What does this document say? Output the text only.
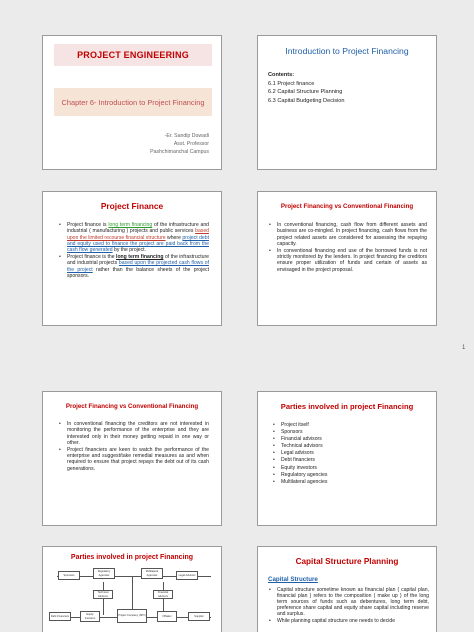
PROJECT ENGINEERING
Chapter 6- Introduction to Project Financing
-Er. Sandip Duwadi
Asst. Professor
Pashchimanchal Campus
Introduction to Project Financing
Contents:
6.1 Project finance
6.2 Capital Structure Planning
6.3 Capital Budgeting Decision
Project Finance
• Project finance is long term financing of the infrastructure and industrial ( manufacturing ) projects and public services based upon the limited recourse financial structure where project debt and equity used to finance the project are paid back from the cash flow generated by the project.
• Project finance is the long term financing of the infrastructure and industrial projects based upon the projected cash flows of the project rather than the balance sheets of the project sponsors.
Project Financing vs Conventional Financing
• In conventional financing, cash flow from different assets and business are co-mingled. In project financing, cash flows from the project related assets are considered for assessing the repaying capacity.
• In conventional financing end use of the borrowed funds is not strictly monitored by the lenders. In project financing the creditors ensure proper utilization of funds and certain of assets as envisaged in the project proposal.
1
Project Financing vs Conventional Financing
• In conventional financing the creditors are not interested in monitoring the performance of the enterprise and they are interested only in their money getting repaid in one way or other.
• Project financiers are keen to watch the performance of the enterprise and suggest/take remedial measures as and when required to ensure that project repays the debt out of its cash generations.
Parties involved in project Financing
• Project itself
• Sponsors
• Financial advisors
• Technical advisors
• Legal advisors
• Debt financiers
• Equity investors
• Regulatory agencies
• Multilateral agencies
Parties involved in project Financing
Sponsors
Regulatory Agencies
Multilateral Agencies	Legal Advisors
Technical Advisors
Financial Advisors
Debt Financiers
Equity Investors
Project Company (SPV)	Offtaker	Supplier
Capital Structure Planning
Capital Structure
• Capital structure sometime known as financial plan ( capital plan, financial plan ) refers to the composition ( make up ) of the long term sources of funds such as debentures, long term debt, preference share capital and equity share capital including reserve and surplus.
• While planning capital structure one needs to decide
